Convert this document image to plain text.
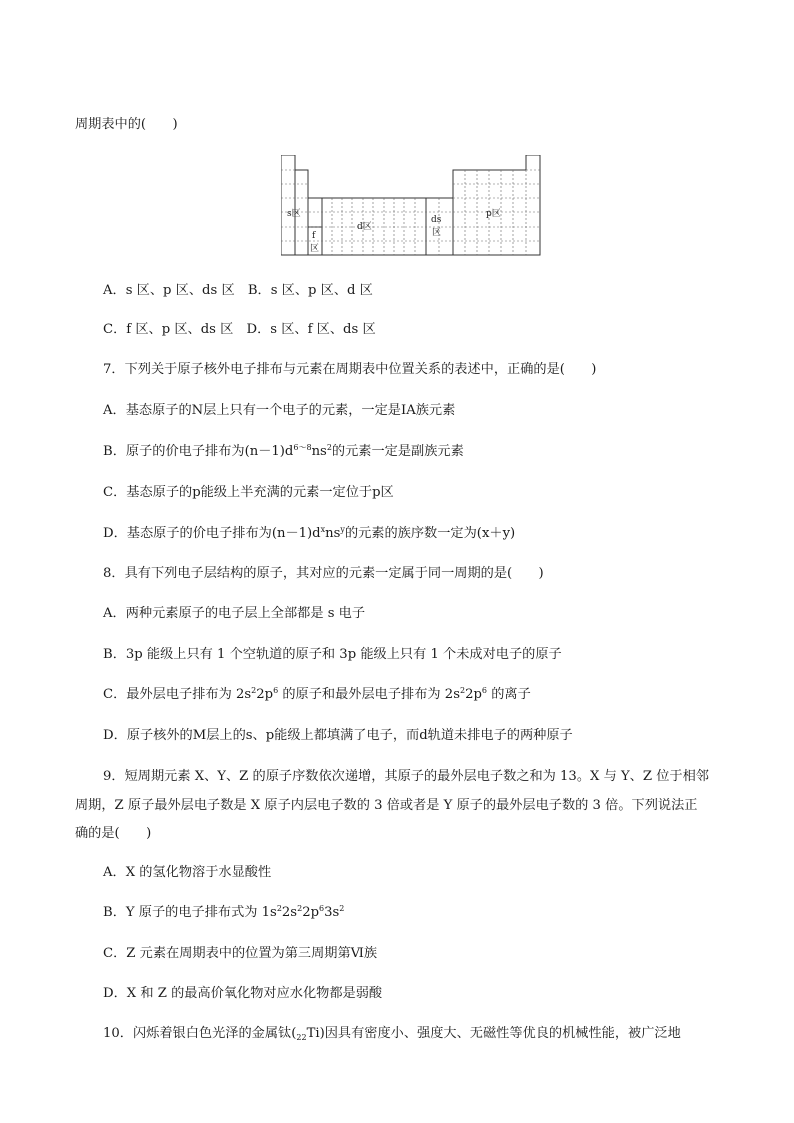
周期表中的(　　)
s区
f
区
d区
ds
区
p区
A．s 区、p 区、ds 区　B．s 区、p 区、d 区
C．f 区、p 区、ds 区　D．s 区、f 区、ds 区
7．下列关于原子核外电子排布与元素在周期表中位置关系的表述中，正确的是(　　)
A．基态原子的N层上只有一个电子的元素，一定是ⅠA族元素
B．原子的价电子排布为$(n-1)d^{6\sim 8}ns^2$的元素一定是副族元素
C．基态原子的p能级上半充满的元素一定位于p区
D．基态原子的价电子排布为$(n-1)d^xns^y$的元素的族序数一定为(x＋y)
8．具有下列电子层结构的原子，其对应的元素一定属于同一周期的是(　　)
A．两种元素原子的电子层上全部都是 s 电子
B．3p 能级上只有 1 个空轨道的原子和 3p 能级上只有 1 个未成对电子的原子
C．最外层电子排布为 $2s^22p^6$ 的原子和最外层电子排布为 $2s^22p^6$ 的离子
D．原子核外的M层上的s、p能级上都填满了电子，而d轨道未排电子的两种原子
9．短周期元素 X、Y、Z 的原子序数依次递增，其原子的最外层电子数之和为 13。X 与 Y、Z 位于相邻
周期，Z 原子最外层电子数是 X 原子内层电子数的 3 倍或者是 Y 原子的最外层电子数的 3 倍。下列说法正
确的是(　　)
A．X 的氢化物溶于水显酸性
B．Y 原子的电子排布式为 $1s^22s^22p^63s^2$
C．Z 元素在周期表中的位置为第三周期第Ⅵ族
D．X 和 Z 的最高价氧化物对应水化物都是弱酸
10．闪烁着银白色光泽的金属钛$(_{22}Ti)$因具有密度小、强度大、无磁性等优良的机械性能，被广泛地
